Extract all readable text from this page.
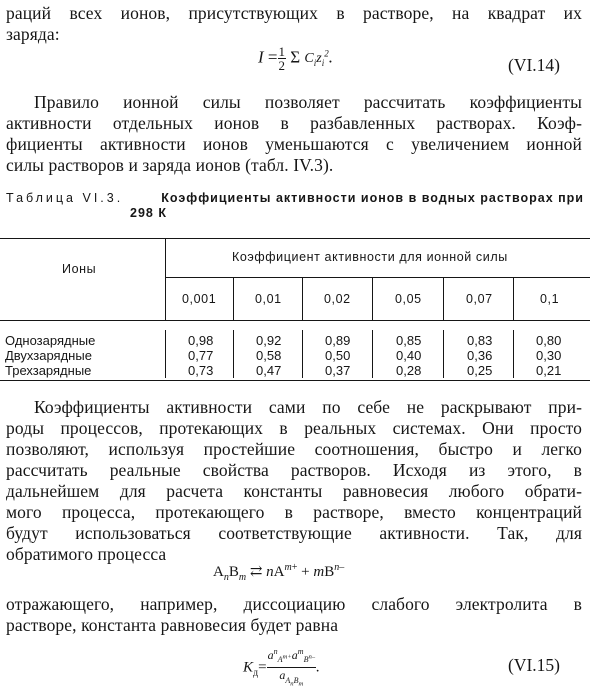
раций всех ионов, присутствующих в растворе, на квадрат их
заряда:
$I = \frac{1}{2}$ Σ $C_iz_i^2$.	(VI.14)
Правило ионной силы позволяет рассчитать коэффициенты
активности отдельных ионов в разбавленных растворах. Коэф-
фициенты активности ионов уменьшаются с увеличением ионной
силы растворов и заряда ионов (табл. IV.3).
Таблица VI.3.	Коэффициенты активности ионов в водных растворах при
298 К
Ионы
Коэффициент активности для ионной силы
0,001	0,01	0,02	0,05	0,07	0,1
Однозарядные	0,98	0,92	0,89	0,85	0,83	0,80
Двухзарядные	0,77	0,58	0,50	0,40	0,36	0,30
Трехзарядные	0,73	0,47	0,37	0,28	0,25	0,21
Коэффициенты активности сами по себе не раскрывают при-
роды процессов, протекающих в реальных системах. Они просто
позволяют, используя простейшие соотношения, быстро и легко
рассчитать реальные свойства растворов. Исходя из этого, в
дальнейшем для расчета константы равновесия любого обрати-
мого процесса, протекающего в растворе, вместо концентраций
будут использоваться соответствующие активности. Так, для
обратимого процесса
$A_nB_m$ ⇄ $nA^{m+} + mB^{n-}$
отражающего, например, диссоциацию слабого электролита в
растворе, константа равновесия будет равна
$K_д= \frac{a^n_{A^{m+}}a^m_{B^{n-}}}{a_{A_nB_m}}$ .	(VI.15)
